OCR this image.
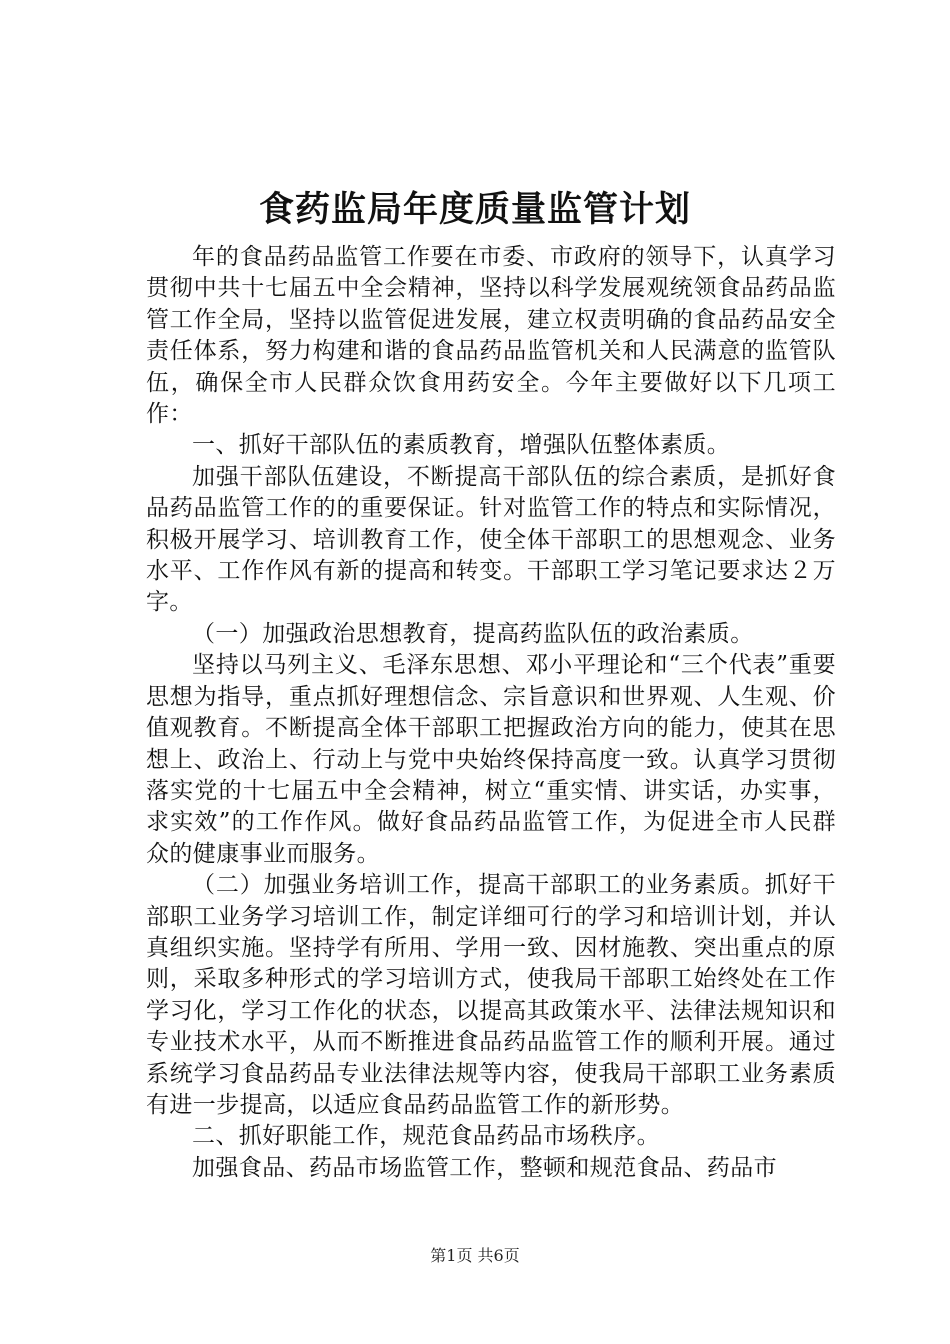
食药监局年度质量监管计划

年的食品药品监管工作要在市委、市政府的领导下，认真学习贯彻中共十七届五中全会精神，坚持以科学发展观统领食品药品监管工作全局，坚持以监管促进发展，建立权责明确的食品药品安全责任体系，努力构建和谐的食品药品监管机关和人民满意的监管队伍，确保全市人民群众饮食用药安全。今年主要做好以下几项工作：

一、抓好干部队伍的素质教育，增强队伍整体素质。

加强干部队伍建设，不断提高干部队伍的综合素质，是抓好食品药品监管工作的的重要保证。针对监管工作的特点和实际情况，积极开展学习、培训教育工作，使全体干部职工的思想观念、业务水平、工作作风有新的提高和转变。干部职工学习笔记要求达２万字。

（一）加强政治思想教育，提高药监队伍的政治素质。

坚持以马列主义、毛泽东思想、邓小平理论和“三个代表”重要思想为指导，重点抓好理想信念、宗旨意识和世界观、人生观、价值观教育。不断提高全体干部职工把握政治方向的能力，使其在思想上、政治上、行动上与党中央始终保持高度一致。认真学习贯彻落实党的十七届五中全会精神，树立“重实情、讲实话，办实事，求实效”的工作作风。做好食品药品监管工作，为促进全市人民群众的健康事业而服务。

（二）加强业务培训工作，提高干部职工的业务素质。抓好干部职工业务学习培训工作，制定详细可行的学习和培训计划，并认真组织实施。坚持学有所用、学用一致、因材施教、突出重点的原则，采取多种形式的学习培训方式，使我局干部职工始终处在工作学习化，学习工作化的状态，以提高其政策水平、法律法规知识和专业技术水平，从而不断推进食品药品监管工作的顺利开展。通过系统学习食品药品专业法律法规等内容，使我局干部职工业务素质有进一步提高，以适应食品药品监管工作的新形势。

二、抓好职能工作，规范食品药品市场秩序。

加强食品、药品市场监管工作，整顿和规范食品、药品市

第1页 共6页
